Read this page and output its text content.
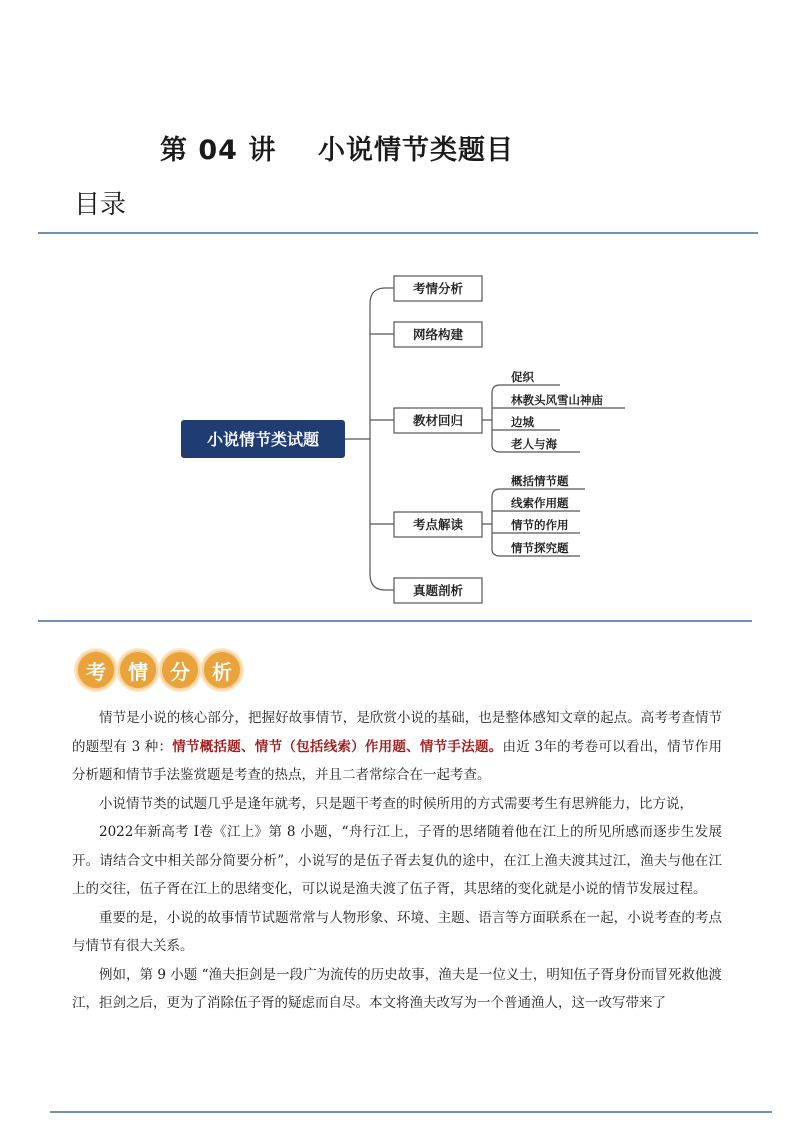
第 04 讲    小说情节类题目
目录
小说情节类试题
考情分析
网络构建
教材回归
考点解读
真题剖析
促织
林教头风雪山神庙
边城
老人与海
概括情节题
线索作用题
情节的作用
情节探究题
考	情	分	析

情节是小说的核心部分，把握好故事情节，是欣赏小说的基础，也是整体感知文章的起点。高考考查情节的题型有 3 种：情节概括题、情节（包括线索）作用题、情节手法题。由近 3年的考卷可以看出，情节作用分析题和情节手法鉴赏题是考查的热点，并且二者常综合在一起考查。

小说情节类的试题几乎是逢年就考，只是题干考查的时候所用的方式需要考生有思辨能力，比方说，

2022年新高考 I卷《江上》第 8 小题，“舟行江上，子胥的思绪随着他在江上的所见所感而逐步生发展开。请结合文中相关部分简要分析”，小说写的是伍子胥去复仇的途中，在江上渔夫渡其过江，渔夫与他在江上的交往，伍子胥在江上的思绪变化，可以说是渔夫渡了伍子胥，其思绪的变化就是小说的情节发展过程。

重要的是，小说的故事情节试题常常与人物形象、环境、主题、语言等方面联系在一起，小说考查的考点与情节有很大关系。

例如，第 9 小题 “渔夫拒剑是一段广为流传的历史故事，渔夫是一位义士，明知伍子胥身份而冒死救他渡江，拒剑之后，更为了消除伍子胥的疑虑而自尽。本文将渔夫改写为一个普通渔人，这一改写带来了
